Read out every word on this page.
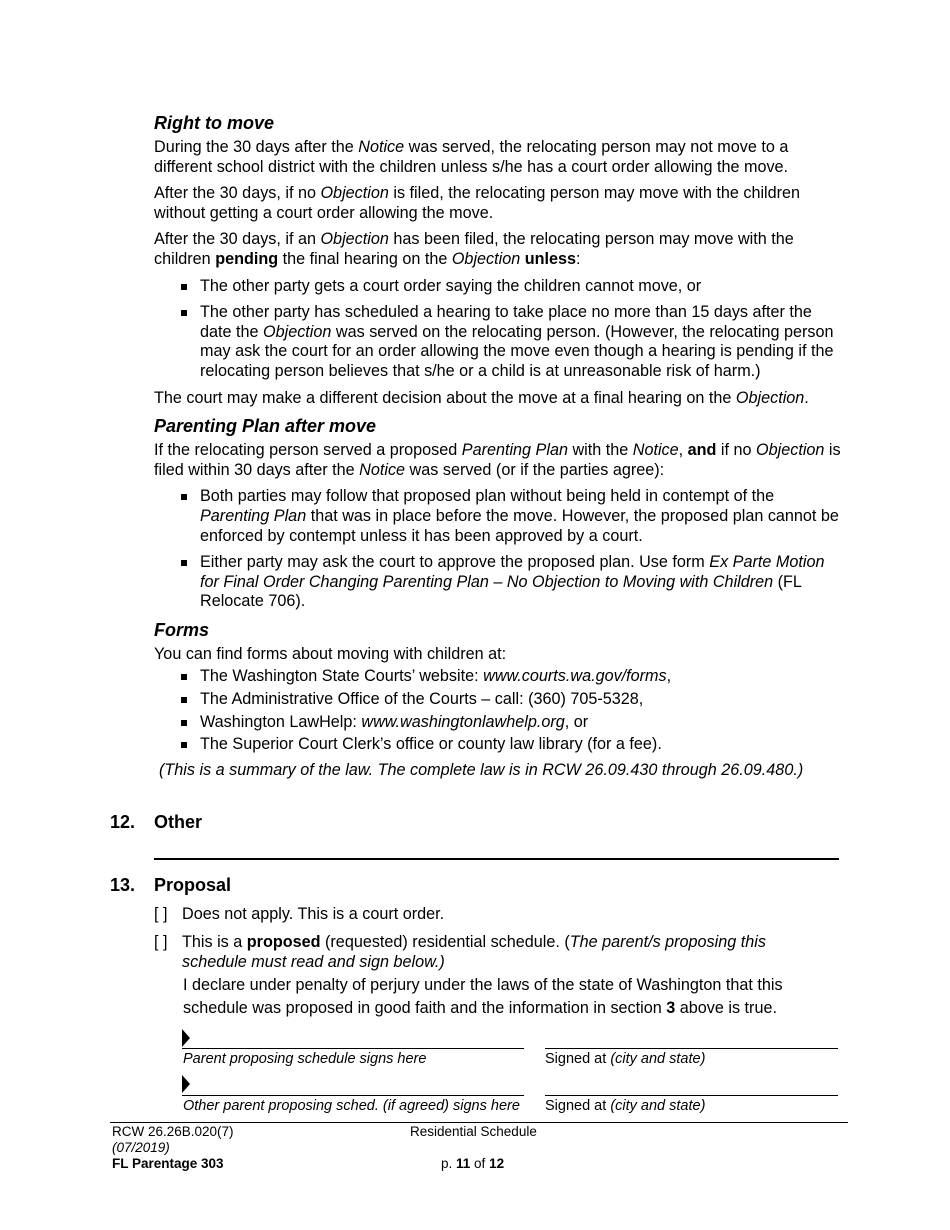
Right to move

During the 30 days after the Notice was served, the relocating person may not move to a different school district with the children unless s/he has a court order allowing the move.

After the 30 days, if no Objection is filed, the relocating person may move with the children without getting a court order allowing the move.

After the 30 days, if an Objection has been filed, the relocating person may move with the children pending the final hearing on the Objection unless:

The other party gets a court order saying the children cannot move, or
The other party has scheduled a hearing to take place no more than 15 days after the date the Objection was served on the relocating person. (However, the relocating person may ask the court for an order allowing the move even though a hearing is pending if the relocating person believes that s/he or a child is at unreasonable risk of harm.)

The court may make a different decision about the move at a final hearing on the Objection.

Parenting Plan after move

If the relocating person served a proposed Parenting Plan with the Notice, and if no Objection is filed within 30 days after the Notice was served (or if the parties agree):

Both parties may follow that proposed plan without being held in contempt of the Parenting Plan that was in place before the move. However, the proposed plan cannot be enforced by contempt unless it has been approved by a court.
Either party may ask the court to approve the proposed plan. Use form Ex Parte Motion for Final Order Changing Parenting Plan – No Objection to Moving with Children (FL Relocate 706).
Forms

You can find forms about moving with children at:

The Washington State Courts’ website: www.courts.wa.gov/forms,
The Administrative Office of the Courts – call: (360) 705-5328,
Washington LawHelp: www.washingtonlawhelp.org, or
The Superior Court Clerk’s office or county law library (for a fee).

(This is a summary of the law. The complete law is in RCW 26.09.430 through 26.09.480.)

12. Other
13. Proposal
[ ] Does not apply. This is a court order.
[ ] This is a proposed (requested) residential schedule. (The parent/s proposing this schedule must read and sign below.)
I declare under penalty of perjury under the laws of the state of Washington that this schedule was proposed in good faith and the information in section 3 above is true.
Parent proposing schedule signs here	Signed at (city and state)
Other parent proposing sched. (if agreed) signs here Signed at (city and state)
RCW 26.26B.020(7)
(07/2019)
FL Parentage 303
Residential Schedule
p. 11 of 12
